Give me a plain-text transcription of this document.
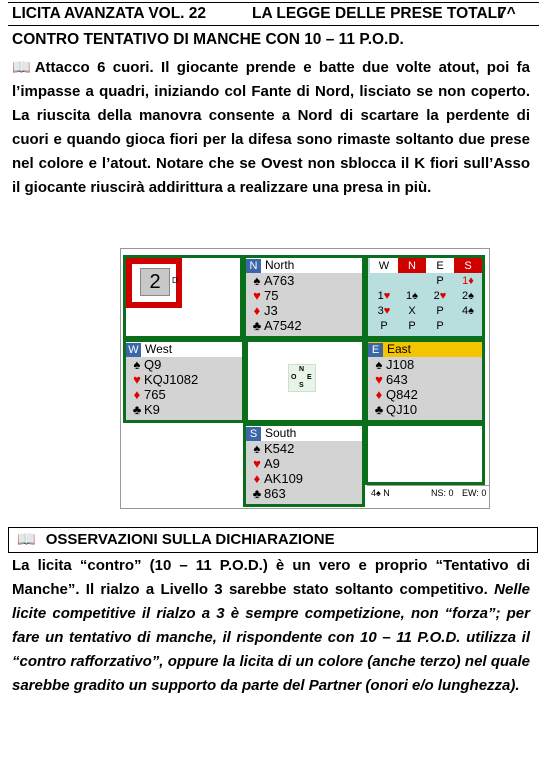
LICITA AVANZATA VOL. 22	LA LEGGE DELLE PRESE TOTALI
7^
CONTRO TENTATIVO DI MANCHE CON 10 – 11 P.O.D.
📖 Attacco 6 cuori. Il giocante prende e batte due volte atout, poi fa l’impasse a quadri, iniziando col Fante di Nord, lisciato se non coperto. La riuscita della manovra consente a Nord di scartare la perdente di cuori e quando gioca fiori per la difesa sono rimaste soltanto due prese nel colore e l’atout. Notare che se Ovest non sblocca il K fiori sull’Asso il giocante riuscirà addirittura a realizzare una presa in più.
2	D
N North
♠ A763
♥ 75
♦ J3
♣ A7542
W	N	E	S
		P	1♦
1♥	1♠	2♥	2♠
3♥	X	P	4♠
P	P	P	
W West
♠ Q9
♥ KQJ1082
♦ 765
♣ K9
N
O E
S
E East
♠ J108
♥ 643
♦ Q842
♣ QJ10
S South
♠ K542
♥ A9
♦ AK109
♣ 863	4♠ N	NS: 0 EW: 0
📖 OSSERVAZIONI SULLA DICHIARAZIONE
La licita “contro” (10 – 11 P.O.D.) è un vero e proprio “Tentativo di Manche”. Il rialzo a Livello 3 sarebbe stato soltanto competitivo. Nelle licite competitive il rialzo a 3 è sempre competizione, non “forza”; per fare un tentativo di manche, il rispondente con 10 – 11 P.O.D. utilizza il “contro rafforzativo”, oppure la licita di un colore (anche terzo) nel quale sarebbe gradito un supporto da parte del Partner (onori e/o lunghezza).
